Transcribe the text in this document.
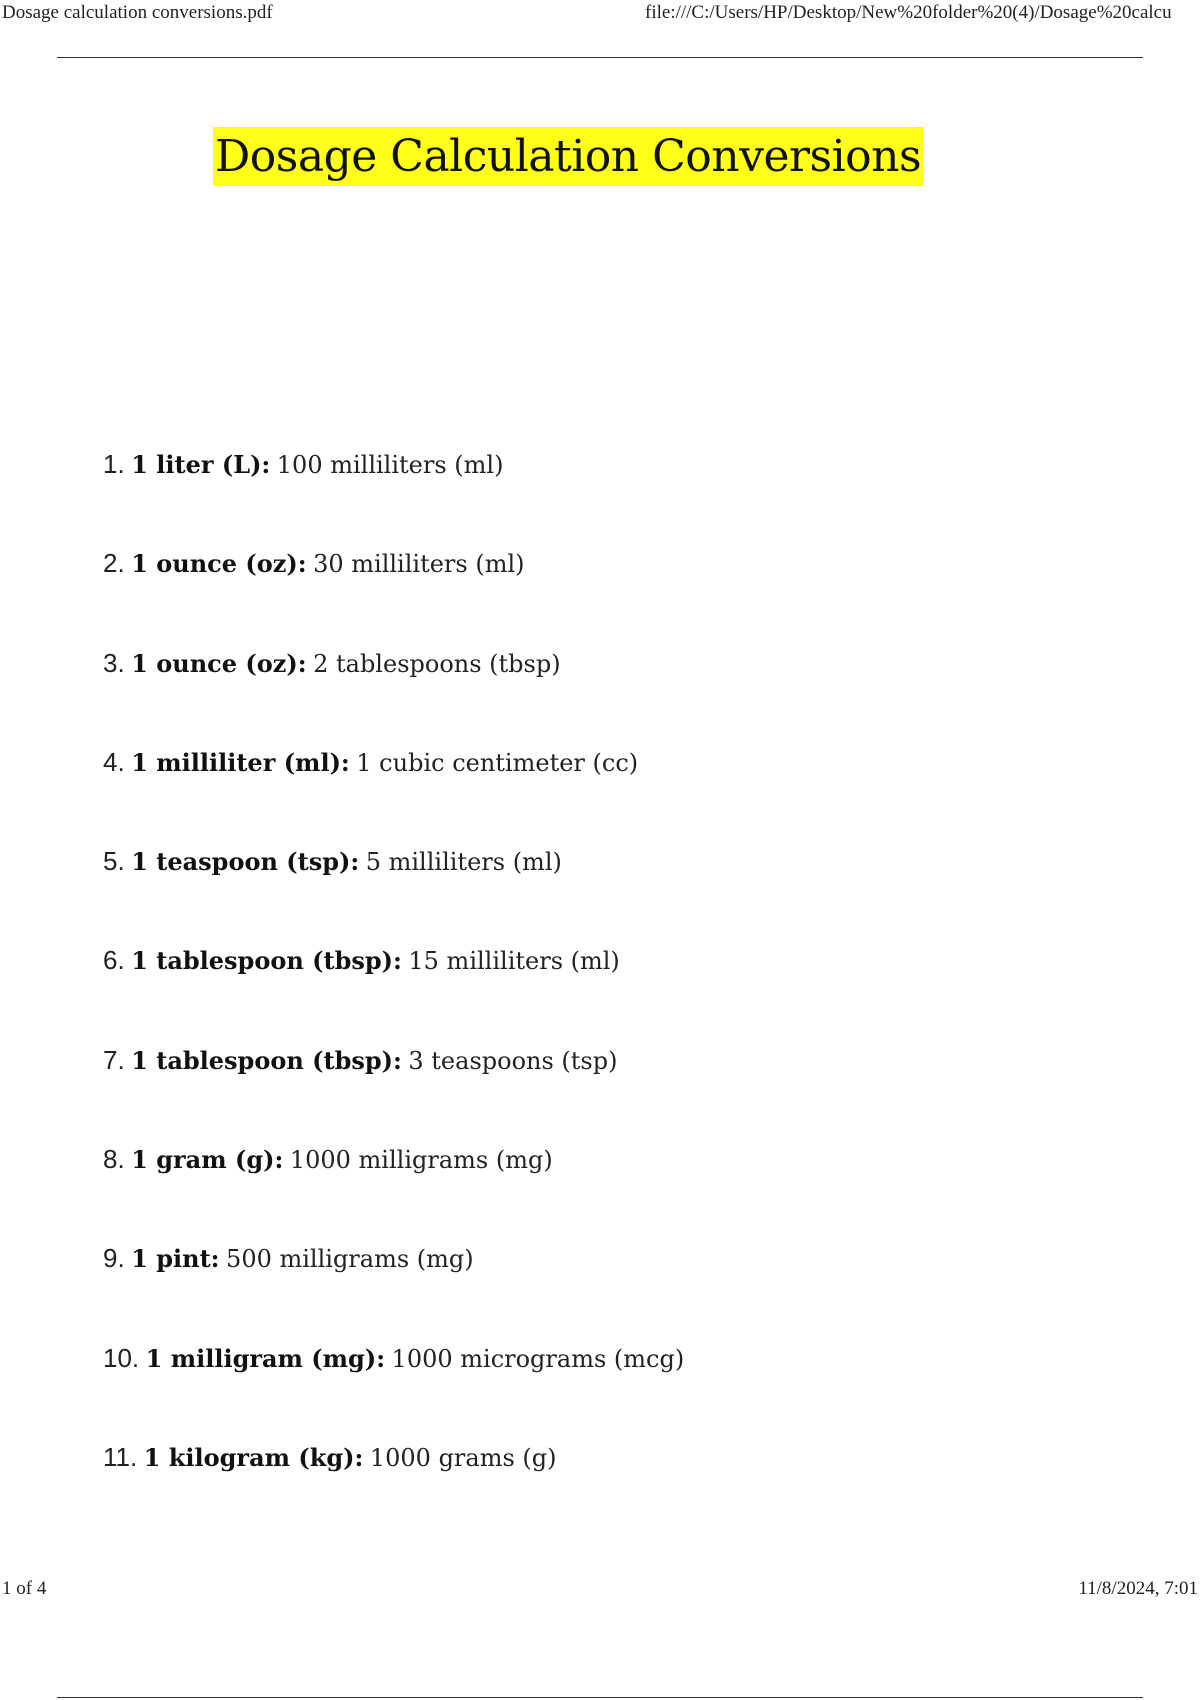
Dosage calculation conversions.pdf	file:///C:/Users/HP/Desktop/New%20folder%20(4)/Dosage%20calcu
Dosage Calculation Conversions
1. 1 liter (L): 100 milliliters (ml)
2. 1 ounce (oz): 30 milliliters (ml)
3. 1 ounce (oz): 2 tablespoons (tbsp)
4. 1 milliliter (ml): 1 cubic centimeter (cc)
5. 1 teaspoon (tsp): 5 milliliters (ml)
6. 1 tablespoon (tbsp): 15 milliliters (ml)
7. 1 tablespoon (tbsp): 3 teaspoons (tsp)
8. 1 gram (g): 1000 milligrams (mg)
9. 1 pint: 500 milligrams (mg)
10. 1 milligram (mg): 1000 micrograms (mcg)
11. 1 kilogram (kg): 1000 grams (g)
1 of 4	11/8/2024, 7:01
